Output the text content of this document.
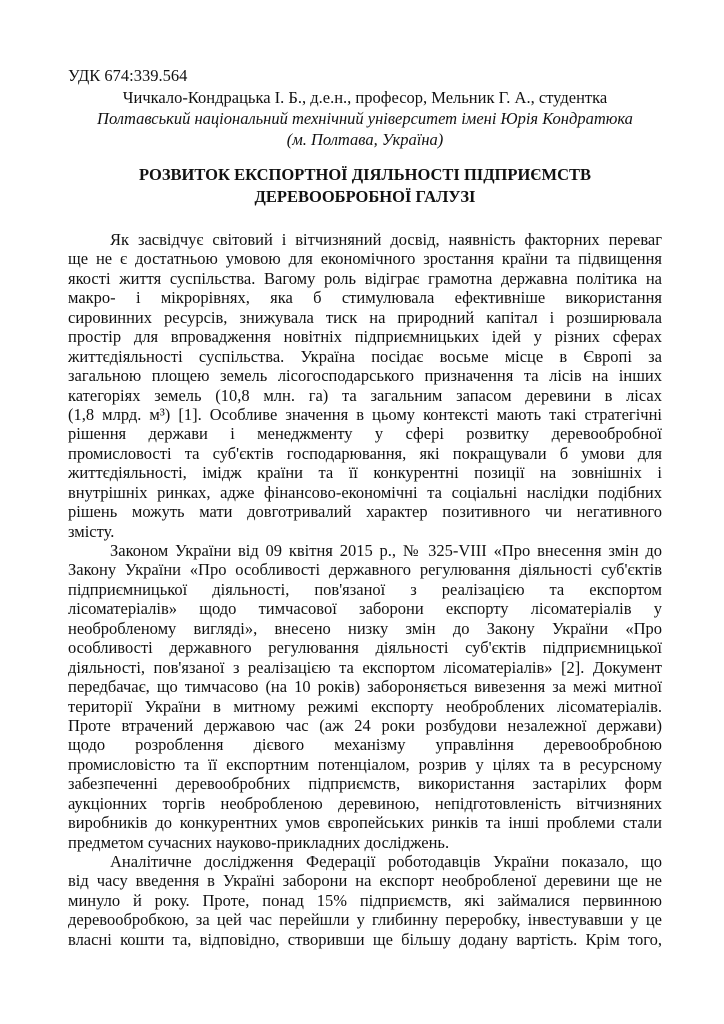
УДК 674:339.564
Чичкало-Кондрацька І. Б., д.е.н., професор, Мельник Г. А., студентка
Полтавський національний технічний університет імені Юрія Кондратюка
(м. Полтава, Україна)
РОЗВИТОК ЕКСПОРТНОЇ ДІЯЛЬНОСТІ ПІДПРИЄМСТВ
ДЕРЕВООБРОБНОЇ ГАЛУЗІ
Як засвідчує світовий і вітчизняний досвід, наявність факторних переваг
ще не є достатньою умовою для економічного зростання країни та підвищення
якості життя суспільства. Вагому роль відіграє грамотна державна політика на
макро- і мікрорівнях, яка б стимулювала ефективніше використання
сировинних ресурсів, знижувала тиск на природний капітал і розширювала
простір для впровадження новітніх підприємницьких ідей у різних сферах
життєдіяльності суспільства. Україна посідає восьме місце в Європі за
загальною площею земель лісогосподарського призначення та лісів на інших
категоріях земель (10,8 млн. га) та загальним запасом деревини в лісах
(1,8 млрд. м³) [1]. Особливе значення в цьому контексті мають такі стратегічні
рішення держави і менеджменту у сфері розвитку деревообробної
промисловості та суб'єктів господарювання, які покращували б умови для
життєдіяльності, імідж країни та її конкурентні позиції на зовнішніх і
внутрішніх ринках, адже фінансово-економічні та соціальні наслідки подібних
рішень можуть мати довготривалий характер позитивного чи негативного
змісту.
Законом України від 09 квітня 2015 р., № 325-VIII «Про внесення змін до
Закону України «Про особливості державного регулювання діяльності суб'єктів
підприємницької діяльності, пов'язаної з реалізацією та експортом
лісоматеріалів» щодо тимчасової заборони експорту лісоматеріалів у
необробленому вигляді», внесено низку змін до Закону України «Про
особливості державного регулювання діяльності суб'єктів підприємницької
діяльності, пов'язаної з реалізацією та експортом лісоматеріалів» [2]. Документ
передбачає, що тимчасово (на 10 років) забороняється вивезення за межі митної
території України в митному режимі експорту необроблених лісоматеріалів.
Проте втрачений державою час (аж 24 роки розбудови незалежної держави)
щодо розроблення дієвого механізму управління деревообробною
промисловістю та її експортним потенціалом, розрив у цілях та в ресурсному
забезпеченні деревообробних підприємств, використання застарілих форм
аукціонних торгів необробленою деревиною, непідготовленість вітчизняних
виробників до конкурентних умов європейських ринків та інші проблеми стали
предметом сучасних науково-прикладних досліджень.
Аналітичне дослідження Федерації роботодавців України показало, що
від часу введення в Україні заборони на експорт необробленої деревини ще не
минуло й року. Проте, понад 15% підприємств, які займалися первинною
деревообробкою, за цей час перейшли у глибинну переробку, інвестувавши у це
власні кошти та, відповідно, створивши ще більшу додану вартість. Крім того,
